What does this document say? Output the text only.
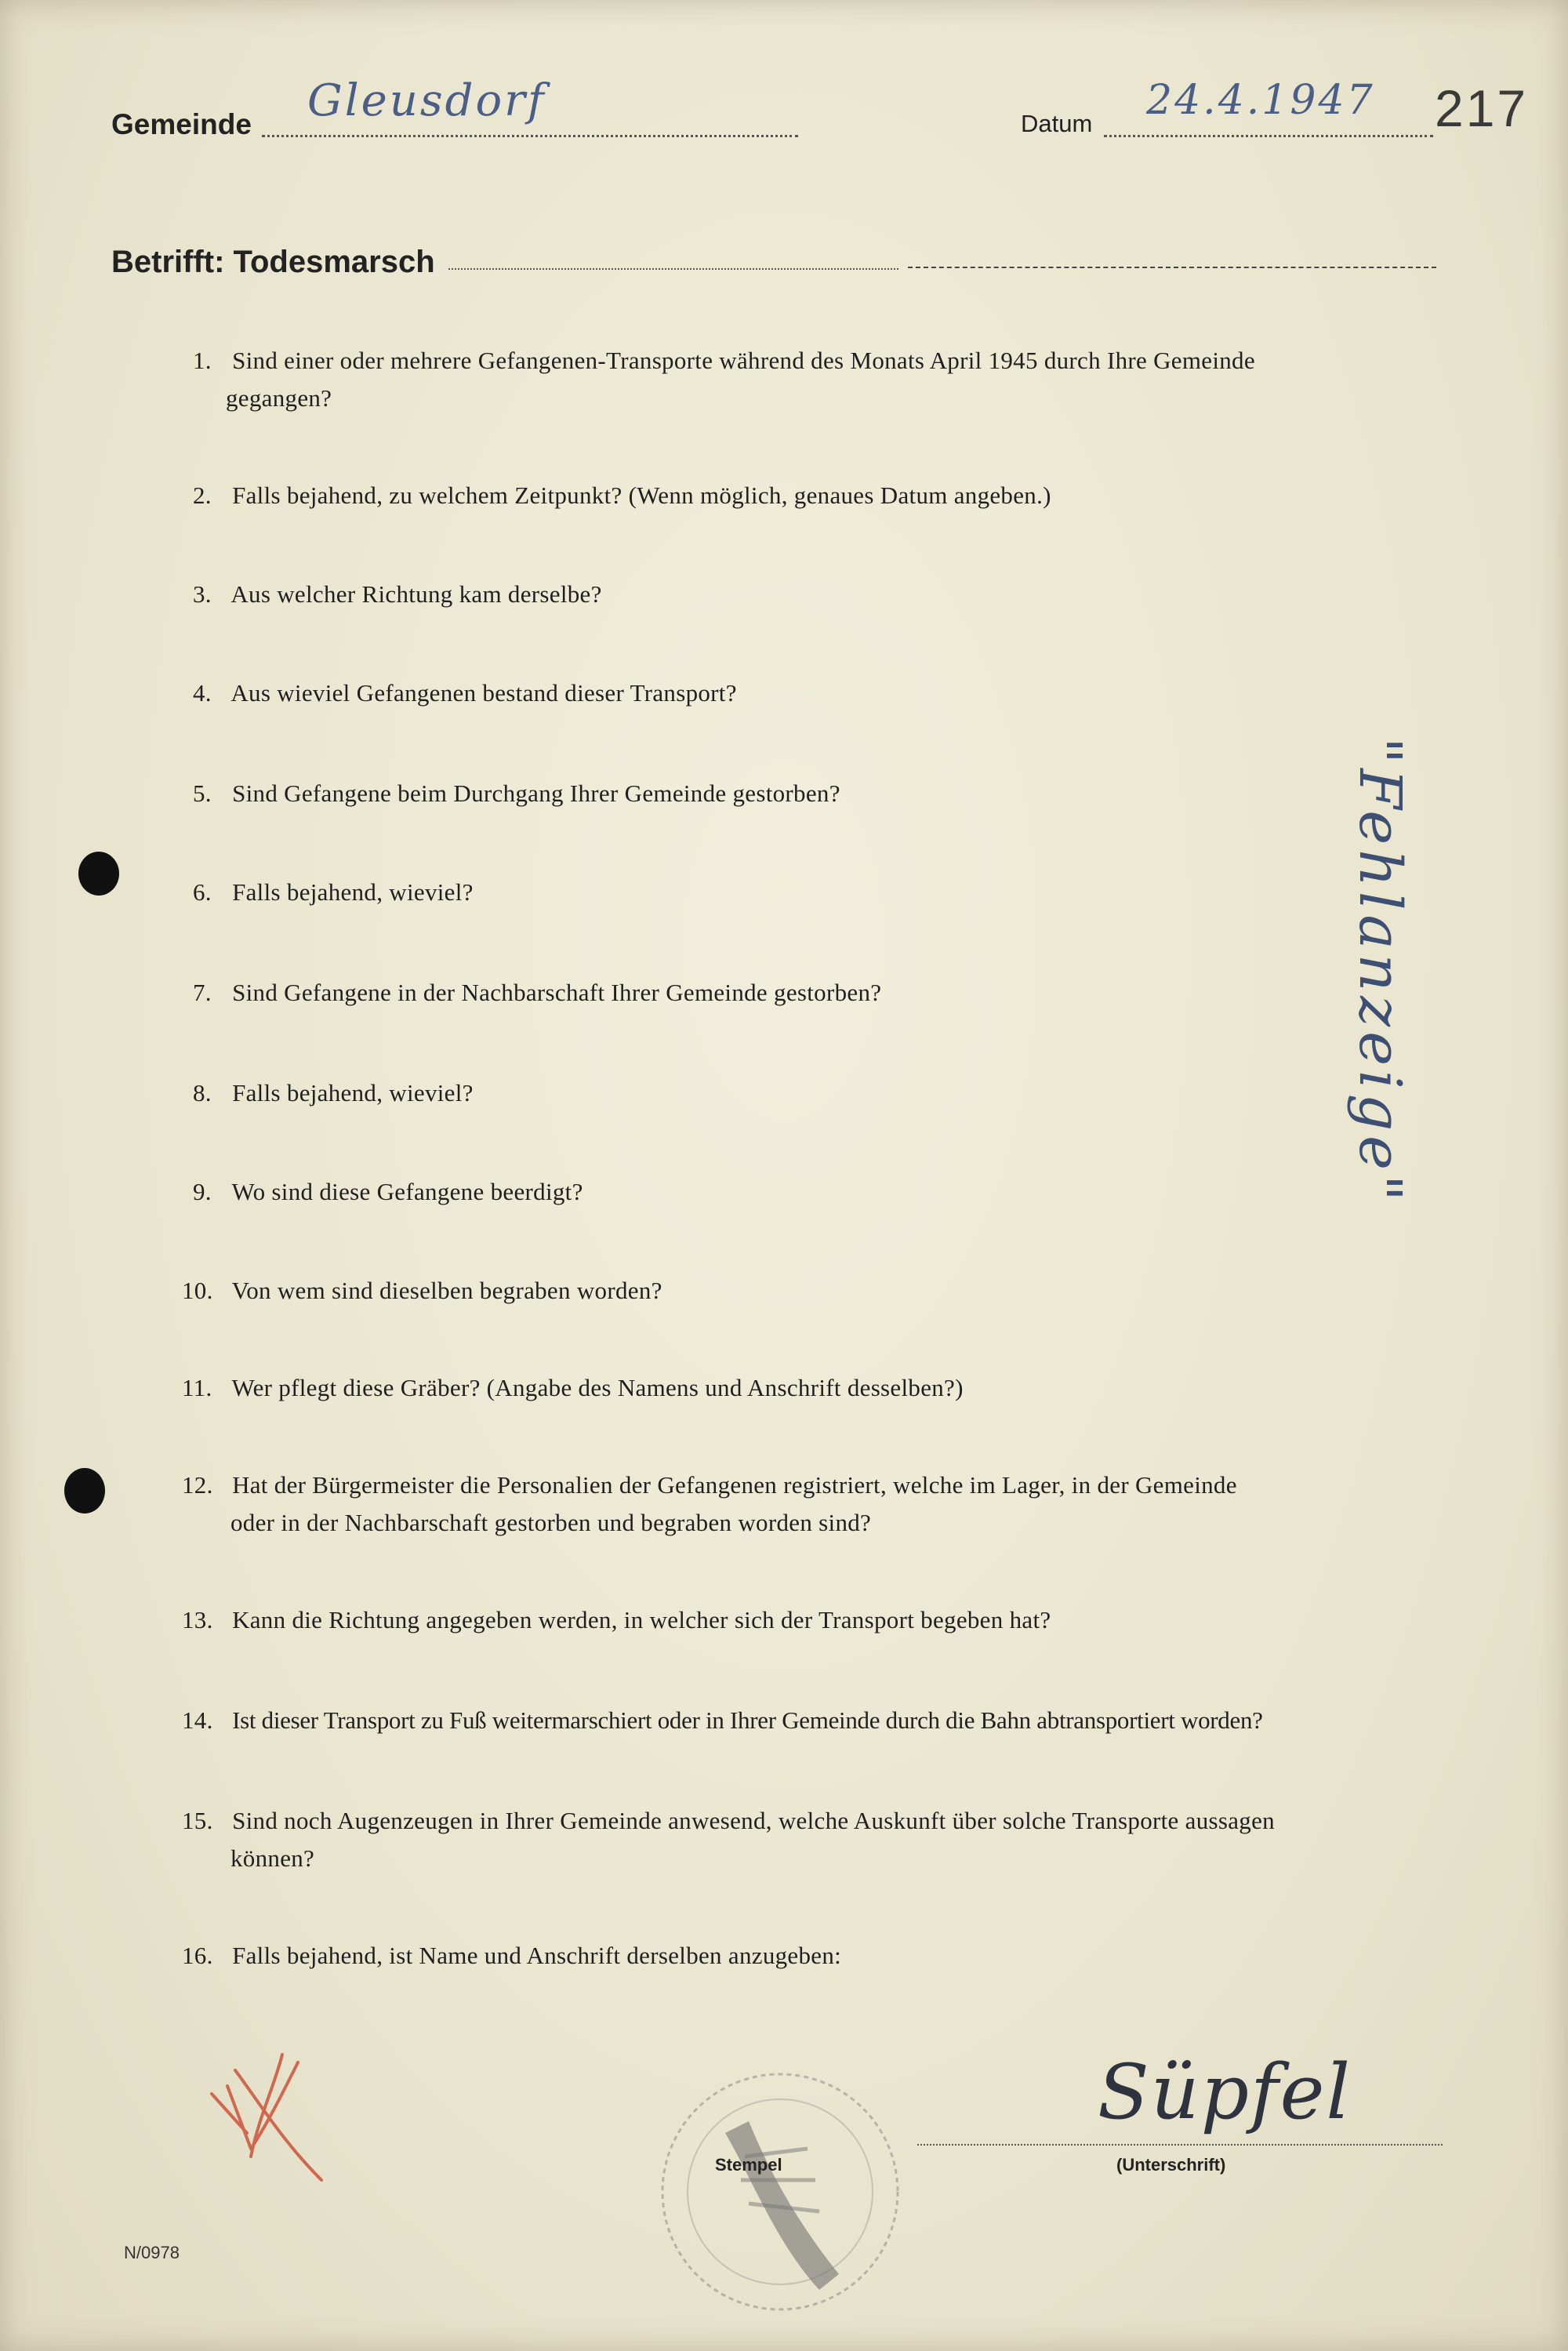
Gemeinde Gleusdorf	Datum 24.4.1947 217
Betrifft: Todesmarsch
1. Sind einer oder mehrere Gefangenen-Transporte während des Monats April 1945 durch Ihre Gemeinde
gegangen?
2. Falls bejahend, zu welchem Zeitpunkt? (Wenn möglich, genaues Datum angeben.)
3. Aus welcher Richtung kam derselbe?
4. Aus wieviel Gefangenen bestand dieser Transport?
5. Sind Gefangene beim Durchgang Ihrer Gemeinde gestorben?
6. Falls bejahend, wieviel?
7. Sind Gefangene in der Nachbarschaft Ihrer Gemeinde gestorben?
8. Falls bejahend, wieviel?
9. Wo sind diese Gefangene beerdigt?
10. Von wem sind dieselben begraben worden?
11. Wer pflegt diese Gräber? (Angabe des Namens und Anschrift desselben?)
12. Hat der Bürgermeister die Personalien der Gefangenen registriert, welche im Lager, in der Gemeinde
oder in der Nachbarschaft gestorben und begraben worden sind?
13. Kann die Richtung angegeben werden, in welcher sich der Transport begeben hat?
14. Ist dieser Transport zu Fuß weitermarschiert oder in Ihrer Gemeinde durch die Bahn abtransportiert worden?
15. Sind noch Augenzeugen in Ihrer Gemeinde anwesend, welche Auskunft über solche Transporte aussagen
können?
16. Falls bejahend, ist Name und Anschrift derselben anzugeben:
"Fehlanzeige"
Stempel	(Unterschrift)
Süpfel
N/0978
